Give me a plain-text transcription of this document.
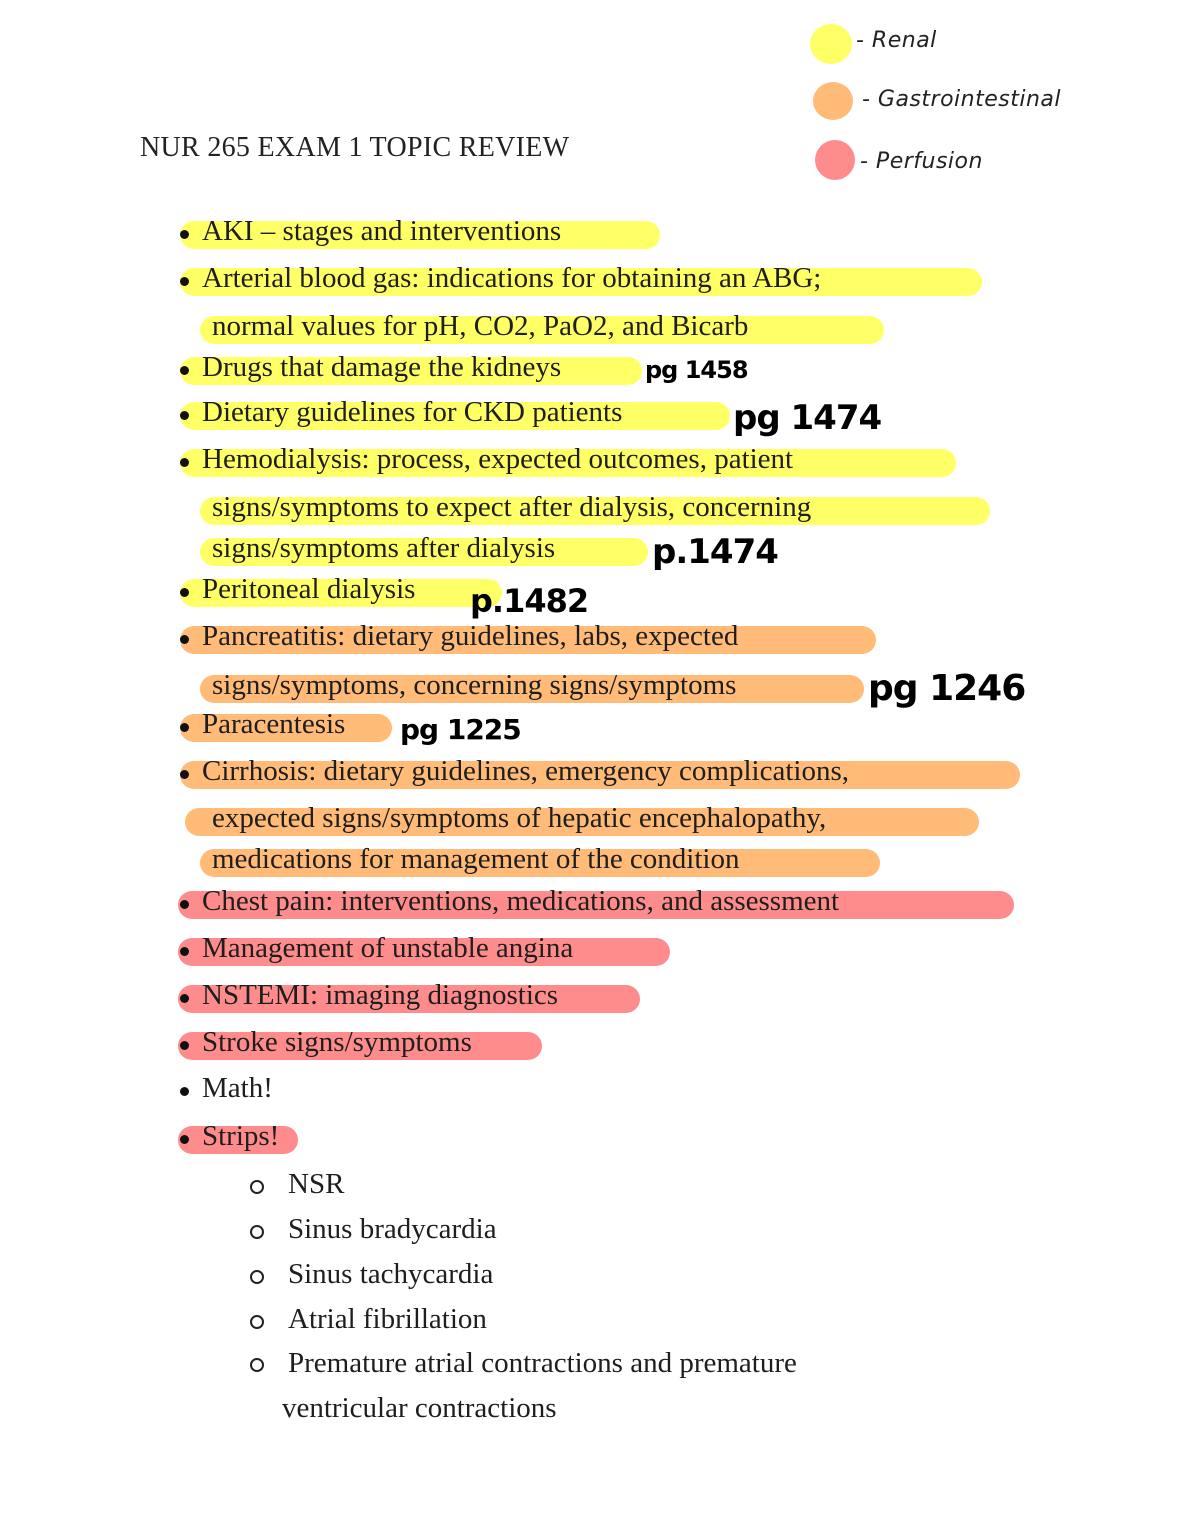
- Renal
- Gastrointestinal
- Perfusion
NUR 265 EXAM 1 TOPIC REVIEW
AKI – stages and interventions
Arterial blood gas: indications for obtaining an ABG;
normal values for pH, CO2, PaO2, and Bicarb
Drugs that damage the kidneys
Dietary guidelines for CKD patients
Hemodialysis: process, expected outcomes, patient
signs/symptoms to expect after dialysis, concerning
signs/symptoms after dialysis
Peritoneal dialysis
Pancreatitis: dietary guidelines, labs, expected
signs/symptoms, concerning signs/symptoms
Paracentesis
Cirrhosis: dietary guidelines, emergency complications,
expected signs/symptoms of hepatic encephalopathy,
medications for management of the condition
Chest pain: interventions, medications, and assessment
Management of unstable angina
NSTEMI: imaging diagnostics
Stroke signs/symptoms
Math!
Strips!
NSR
Sinus bradycardia
Sinus tachycardia
Atrial fibrillation
Premature atrial contractions and premature
ventricular contractions
pg 1458
pg 1474
p.1474
p.1482
pg 1246
pg 1225
